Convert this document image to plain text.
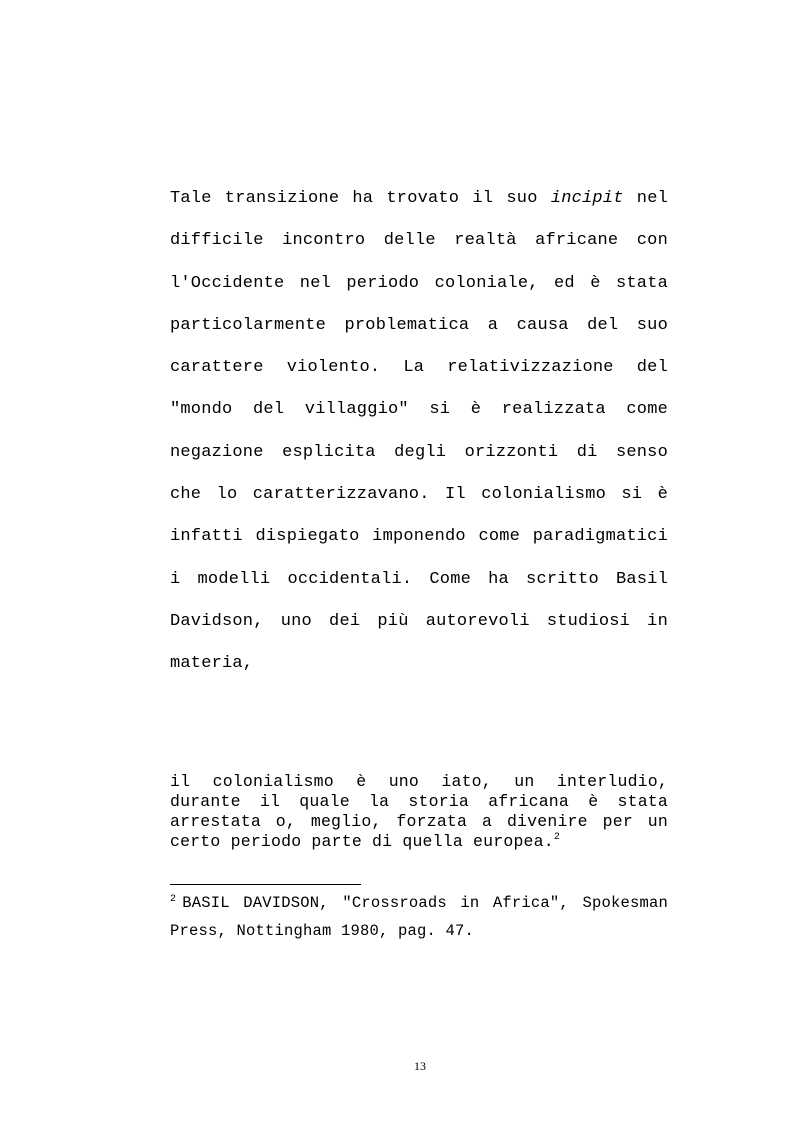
Tale transizione ha trovato il suo incipit nel difficile incontro delle realtà africane con l'Occidente nel periodo coloniale, ed è stata particolarmente problematica a causa del suo carattere violento. La relativizzazione del "mondo del villaggio" si è realizzata come negazione esplicita degli orizzonti di senso che lo caratterizzavano. Il colonialismo si è infatti dispiegato imponendo come paradigmatici i modelli occidentali. Come ha scritto Basil Davidson, uno dei più autorevoli studiosi in materia,

il colonialismo è uno iato, un interludio, durante il quale la storia africana è stata arrestata o, meglio, forzata a divenire per un certo periodo parte di quella europea.$^2$

$^2$ BASIL DAVIDSON, "Crossroads in Africa", Spokesman Press, Nottingham 1980, pag. 47.

13
